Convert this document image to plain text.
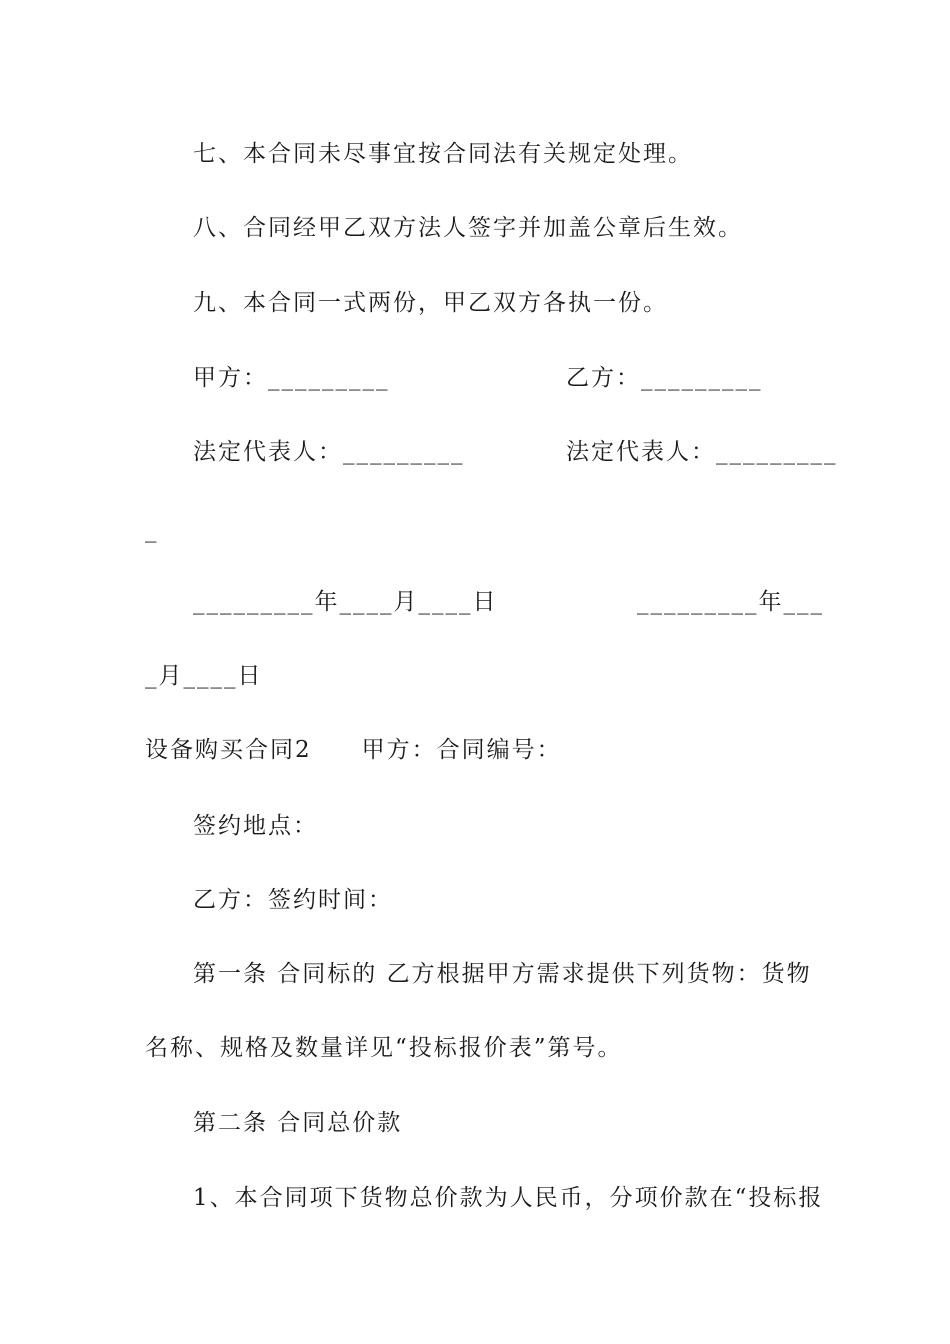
七、本合同未尽事宜按合同法有关规定处理。
八、合同经甲乙双方法人签字并加盖公章后生效。
九、本合同一式两份，甲乙双方各执一份。
甲方：_________	乙方：_________
法定代表人：_________	法定代表人：_________
_
_________年____月____日	_________年___
_月____日
设备购买合同2　　甲方：合同编号：
签约地点：
乙方：签约时间：
第一条 合同标的 乙方根据甲方需求提供下列货物：货物
名称、规格及数量详见“投标报价表”第号。
第二条 合同总价款
1、本合同项下货物总价款为人民币，分项价款在“投标报
